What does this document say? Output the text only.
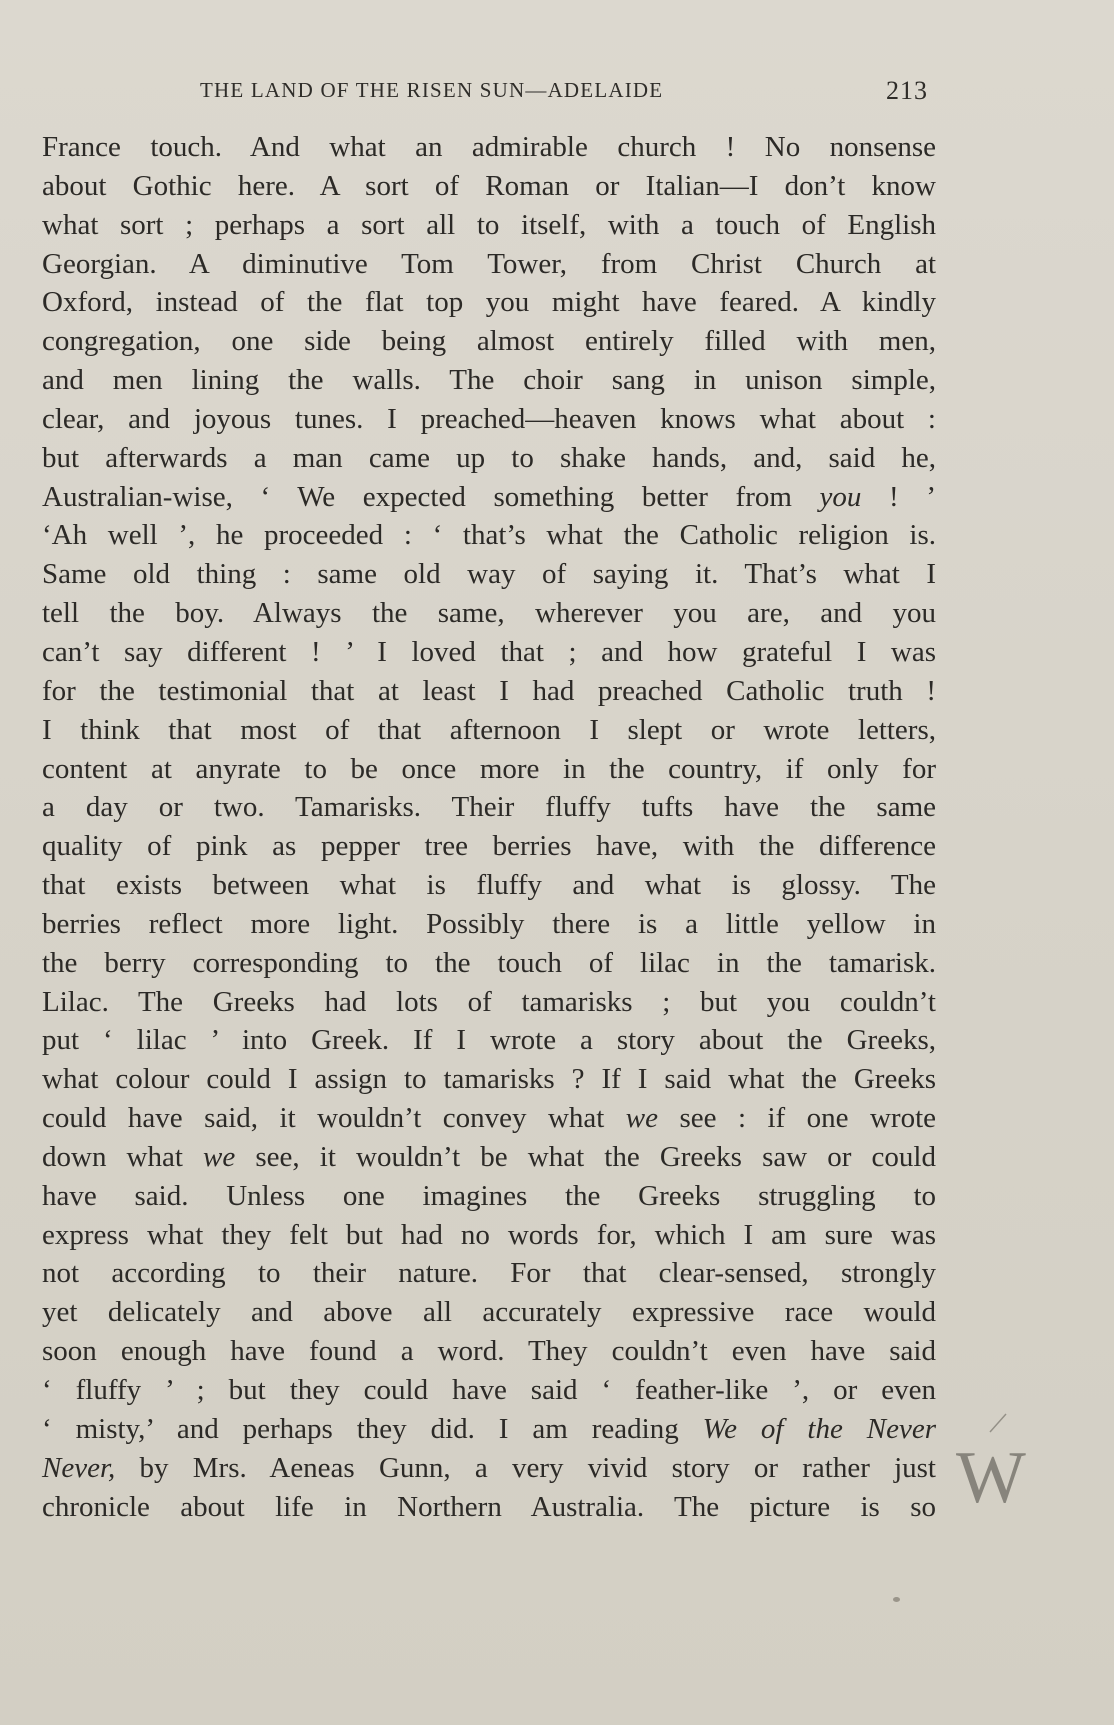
THE LAND OF THE RISEN SUN—ADELAIDE	213
France touch. And what an admirable church ! No nonsense
about Gothic here. A sort of Roman or Italian—I don’t know
what sort ; perhaps a sort all to itself, with a touch of English
Georgian. A diminutive Tom Tower, from Christ Church at
Oxford, instead of the flat top you might have feared. A kindly
congregation, one side being almost entirely filled with men,
and men lining the walls. The choir sang in unison simple,
clear, and joyous tunes. I preached—heaven knows what about :
but afterwards a man came up to shake hands, and, said he,
Australian-wise, ‘ We expected something better from you ! ’
‘Ah well ’, he proceeded : ‘ that’s what the Catholic religion is.
Same old thing : same old way of saying it. That’s what I
tell the boy. Always the same, wherever you are, and you
can’t say different ! ’ I loved that ; and how grateful I was
for the testimonial that at least I had preached Catholic truth !
I think that most of that afternoon I slept or wrote letters,
content at anyrate to be once more in the country, if only for
a day or two. Tamarisks. Their fluffy tufts have the same
quality of pink as pepper tree berries have, with the difference
that exists between what is fluffy and what is glossy. The
berries reflect more light. Possibly there is a little yellow in
the berry corresponding to the touch of lilac in the tamarisk.
Lilac. The Greeks had lots of tamarisks ; but you couldn’t
put ‘ lilac ’ into Greek. If I wrote a story about the Greeks,
what colour could I assign to tamarisks ? If I said what the Greeks
could have said, it wouldn’t convey what we see : if one wrote
down what we see, it wouldn’t be what the Greeks saw or could
have said. Unless one imagines the Greeks struggling to
express what they felt but had no words for, which I am sure was
not according to their nature. For that clear-sensed, strongly
yet delicately and above all accurately expressive race would
soon enough have found a word. They couldn’t even have said
‘ fluffy ’ ; but they could have said ‘ feather-like ’, or even
‘ misty,’ and perhaps they did. I am reading We of the Never
Never, by Mrs. Aeneas Gunn, a very vivid story or rather just
chronicle about life in Northern Australia. The picture is so W
